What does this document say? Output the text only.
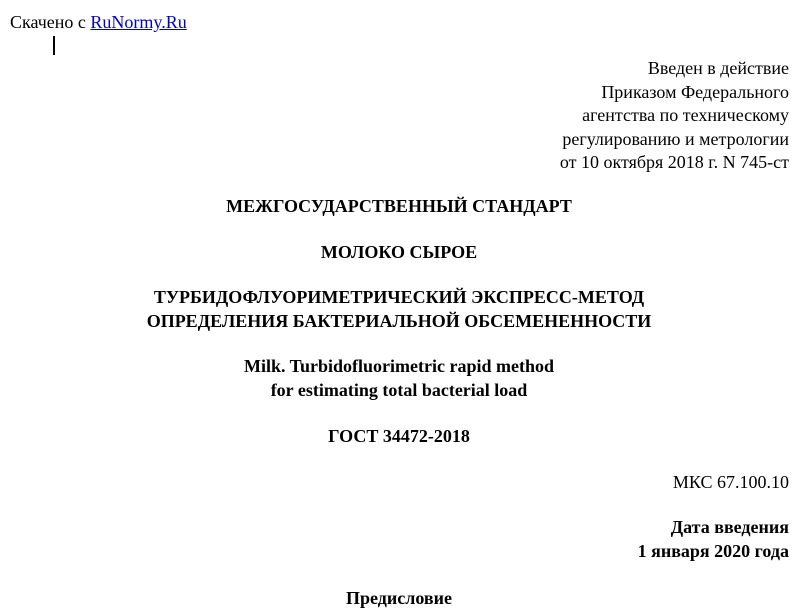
Скачено с RuNormy.Ru
Введен в действие
Приказом Федерального
агентства по техническому
регулированию и метрологии
от 10 октября 2018 г. N 745-ст
МЕЖГОСУДАРСТВЕННЫЙ СТАНДАРТ
МОЛОКО СЫРОЕ
ТУРБИДОФЛУОРИМЕТРИЧЕСКИЙ ЭКСПРЕСС-МЕТОД
ОПРЕДЕЛЕНИЯ БАКТЕРИАЛЬНОЙ ОБСЕМЕНЕННОСТИ
Milk. Turbidofluorimetric rapid method
for estimating total bacterial load
ГОСТ 34472-2018
МКС 67.100.10
Дата введения
1 января 2020 года
Предисловие
